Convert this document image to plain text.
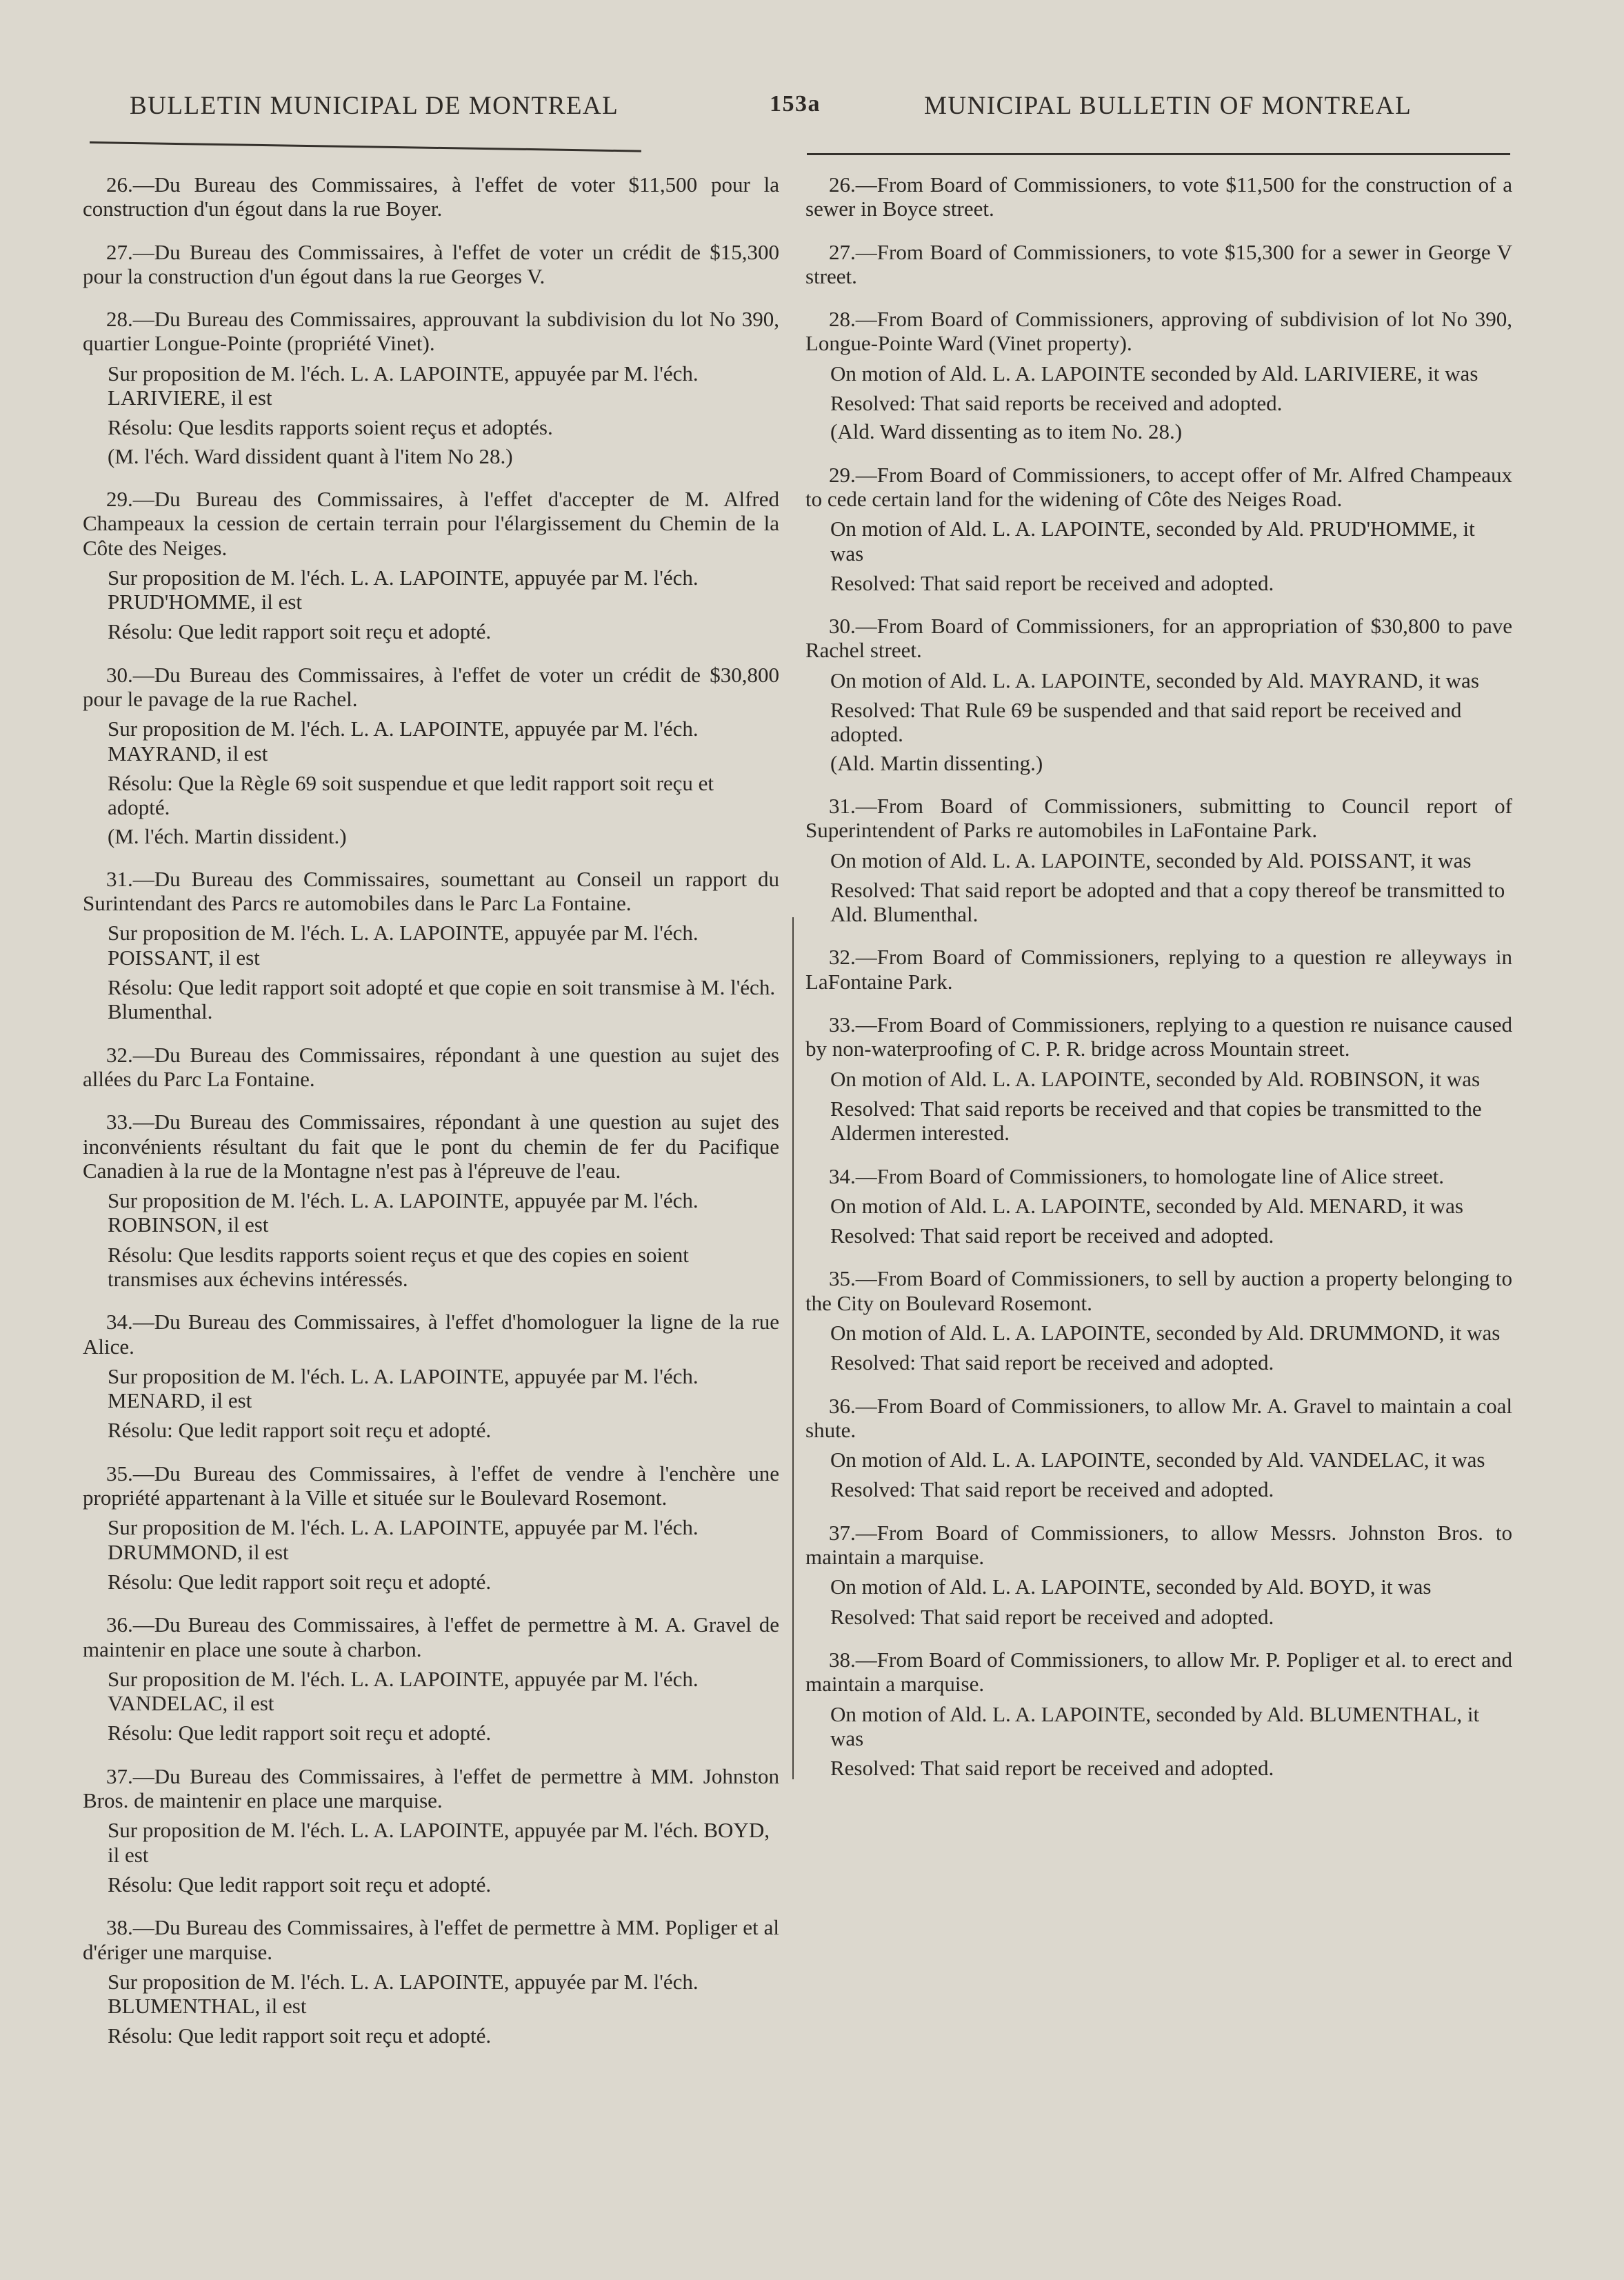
BULLETIN MUNICIPAL DE MONTREAL	153a	MUNICIPAL BULLETIN OF MONTREAL

26.—Du Bureau des Commissaires, à l'effet de voter $11,500 pour la construction d'un égout dans la rue Boyer.

27.—Du Bureau des Commissaires, à l'effet de voter un crédit de $15,300 pour la construction d'un égout dans la rue Georges V.

28.—Du Bureau des Commissaires, approuvant la subdivision du lot No 390, quartier Longue-Pointe (propriété Vinet).

Sur proposition de M. l'éch. L. A. LAPOINTE, appuyée par M. l'éch. LARIVIERE, il est

Résolu: Que lesdits rapports soient reçus et adoptés.

(M. l'éch. Ward dissident quant à l'item No 28.)

29.—Du Bureau des Commissaires, à l'effet d'accepter de M. Alfred Champeaux la cession de certain terrain pour l'élargissement du Chemin de la Côte des Neiges.

Sur proposition de M. l'éch. L. A. LAPOINTE, appuyée par M. l'éch. PRUD'HOMME, il est

Résolu: Que ledit rapport soit reçu et adopté.

30.—Du Bureau des Commissaires, à l'effet de voter un crédit de $30,800 pour le pavage de la rue Rachel.

Sur proposition de M. l'éch. L. A. LAPOINTE, appuyée par M. l'éch. MAYRAND, il est

Résolu: Que la Règle 69 soit suspendue et que ledit rapport soit reçu et adopté.

(M. l'éch. Martin dissident.)

31.—Du Bureau des Commissaires, soumettant au Conseil un rapport du Surintendant des Parcs re automobiles dans le Parc La Fontaine.

Sur proposition de M. l'éch. L. A. LAPOINTE, appuyée par M. l'éch. POISSANT, il est

Résolu: Que ledit rapport soit adopté et que copie en soit transmise à M. l'éch. Blumenthal.

32.—Du Bureau des Commissaires, répondant à une question au sujet des allées du Parc La Fontaine.

33.—Du Bureau des Commissaires, répondant à une question au sujet des inconvénients résultant du fait que le pont du chemin de fer du Pacifique Canadien à la rue de la Montagne n'est pas à l'épreuve de l'eau.

Sur proposition de M. l'éch. L. A. LAPOINTE, appuyée par M. l'éch. ROBINSON, il est

Résolu: Que lesdits rapports soient reçus et que des copies en soient transmises aux échevins intéressés.

34.—Du Bureau des Commissaires, à l'effet d'homologuer la ligne de la rue Alice.

Sur proposition de M. l'éch. L. A. LAPOINTE, appuyée par M. l'éch. MENARD, il est

Résolu: Que ledit rapport soit reçu et adopté.

35.—Du Bureau des Commissaires, à l'effet de vendre à l'enchère une propriété appartenant à la Ville et située sur le Boulevard Rosemont.

Sur proposition de M. l'éch. L. A. LAPOINTE, appuyée par M. l'éch. DRUMMOND, il est

Résolu: Que ledit rapport soit reçu et adopté.

36.—Du Bureau des Commissaires, à l'effet de permettre à M. A. Gravel de maintenir en place une soute à charbon.

Sur proposition de M. l'éch. L. A. LAPOINTE, appuyée par M. l'éch. VANDELAC, il est

Résolu: Que ledit rapport soit reçu et adopté.

37.—Du Bureau des Commissaires, à l'effet de permettre à MM. Johnston Bros. de maintenir en place une marquise.

Sur proposition de M. l'éch. L. A. LAPOINTE, appuyée par M. l'éch. BOYD, il est

Résolu: Que ledit rapport soit reçu et adopté.

38.—Du Bureau des Commissaires, à l'effet de permettre à MM. Popliger et al d'ériger une marquise.

Sur proposition de M. l'éch. L. A. LAPOINTE, appuyée par M. l'éch. BLUMENTHAL, il est

Résolu: Que ledit rapport soit reçu et adopté.

26.—From Board of Commissioners, to vote $11,500 for the construction of a sewer in Boyce street.

27.—From Board of Commissioners, to vote $15,300 for a sewer in George V street.

28.—From Board of Commissioners, approving of subdivision of lot No 390, Longue-Pointe Ward (Vinet property).

On motion of Ald. L. A. LAPOINTE seconded by Ald. LARIVIERE, it was

Resolved: That said reports be received and adopted.

(Ald. Ward dissenting as to item No. 28.)

29.—From Board of Commissioners, to accept offer of Mr. Alfred Champeaux to cede certain land for the widening of Côte des Neiges Road.

On motion of Ald. L. A. LAPOINTE, seconded by Ald. PRUD'HOMME, it was

Resolved: That said report be received and adopted.

30.—From Board of Commissioners, for an appropriation of $30,800 to pave Rachel street.

On motion of Ald. L. A. LAPOINTE, seconded by Ald. MAYRAND, it was

Resolved: That Rule 69 be suspended and that said report be received and adopted.

(Ald. Martin dissenting.)

31.—From Board of Commissioners, submitting to Council report of Superintendent of Parks re automobiles in LaFontaine Park.

On motion of Ald. L. A. LAPOINTE, seconded by Ald. POISSANT, it was

Resolved: That said report be adopted and that a copy thereof be transmitted to Ald. Blumenthal.

32.—From Board of Commissioners, replying to a question re alleyways in LaFontaine Park.

33.—From Board of Commissioners, replying to a question re nuisance caused by non-waterproofing of C. P. R. bridge across Mountain street.

On motion of Ald. L. A. LAPOINTE, seconded by Ald. ROBINSON, it was

Resolved: That said reports be received and that copies be transmitted to the Aldermen interested.

34.—From Board of Commissioners, to homologate line of Alice street.

On motion of Ald. L. A. LAPOINTE, seconded by Ald. MENARD, it was

Resolved: That said report be received and adopted.

35.—From Board of Commissioners, to sell by auction a property belonging to the City on Boulevard Rosemont.

On motion of Ald. L. A. LAPOINTE, seconded by Ald. DRUMMOND, it was

Resolved: That said report be received and adopted.

36.—From Board of Commissioners, to allow Mr. A. Gravel to maintain a coal shute.

On motion of Ald. L. A. LAPOINTE, seconded by Ald. VANDELAC, it was

Resolved: That said report be received and adopted.

37.—From Board of Commissioners, to allow Messrs. Johnston Bros. to maintain a marquise.

On motion of Ald. L. A. LAPOINTE, seconded by Ald. BOYD, it was

Resolved: That said report be received and adopted.

38.—From Board of Commissioners, to allow Mr. P. Popliger et al. to erect and maintain a marquise.

On motion of Ald. L. A. LAPOINTE, seconded by Ald. BLUMENTHAL, it was

Resolved: That said report be received and adopted.
